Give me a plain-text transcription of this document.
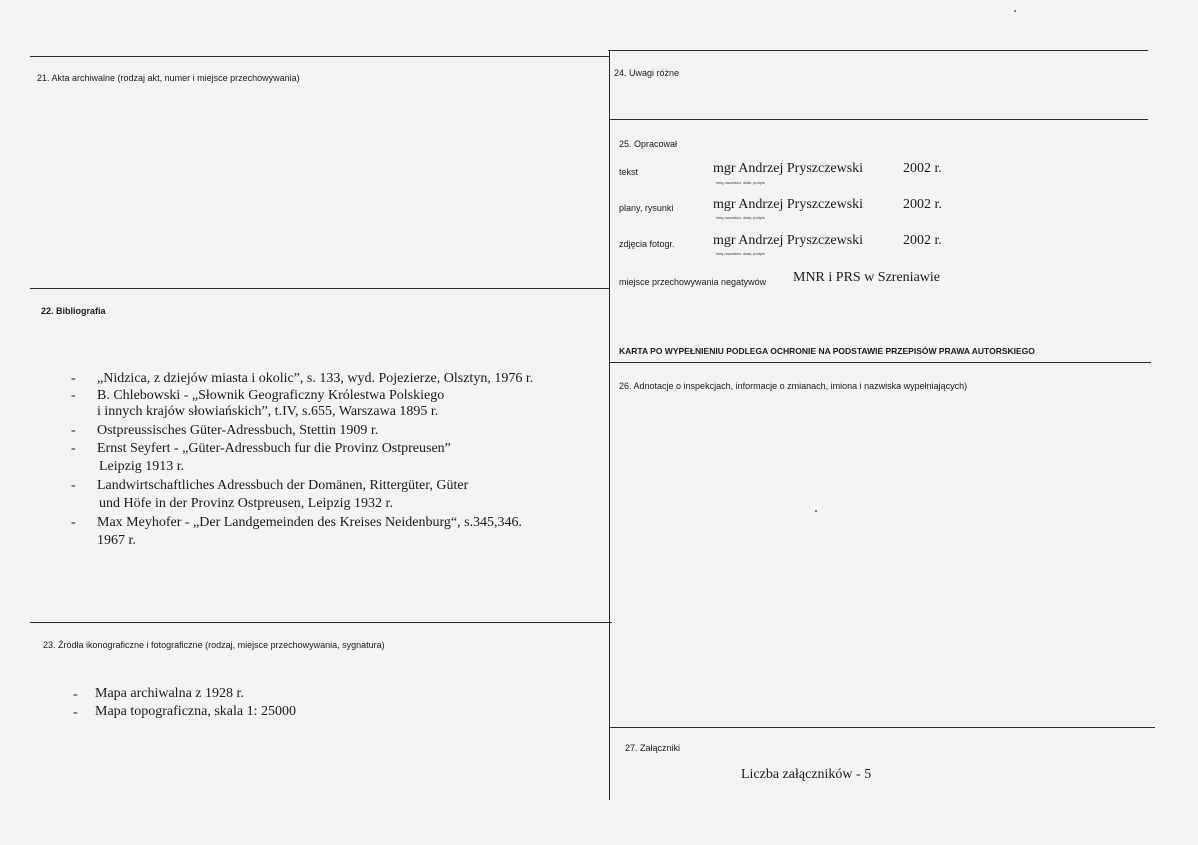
21. Akta archiwalne (rodzaj akt, numer i miejsce przechowywania)
22. Bibliografia
- „Nidzica, z dziejów miasta i okolic”, s. 133, wyd. Pojezierze, Olsztyn, 1976 r.
- B. Chlebowski - „Słownik Geograficzny Królestwa Polskiego
i innych krajów słowiańskich”, t.IV, s.655, Warszawa 1895 r.
- Ostpreussisches Güter-Adressbuch, Stettin 1909 r.
- Ernst Seyfert - „Güter-Adressbuch fur die Provinz Ostpreusen”
Leipzig 1913 r.
- Landwirtschaftliches Adressbuch der Domänen, Rittergüter, Güter
und Höfe in der Provinz Ostpreusen, Leipzig 1932 r.
- Max Meyhofer - „Der Landgemeinden des Kreises Neidenburg“, s.345,346.
1967 r.
23. Źródła ikonograficzne i fotograficzne (rodzaj, miejsce przechowywania, sygnatura)
- Mapa archiwalna z 1928 r.
- Mapa topograficzna, skala 1: 25000
24. Uwagi różne
25. Opracował
tekst	mgr Andrzej Pryszczewski	2002 r.
imię,nazwisko, data, podpis
plany, rysunki	mgr Andrzej Pryszczewski	2002 r.
imię,nazwisko, data, podpis
zdjęcia fotogr.	mgr Andrzej Pryszczewski	2002 r.
imię,nazwisko, data, podpis
miejsce przechowywania negatywów MNR i PRS w Szreniawie
KARTA PO WYPEŁNIENIU PODLEGA OCHRONIE NA PODSTAWIE PRZEPISÓW PRAWA AUTORSKIEGO
26. Adnotacje o inspekcjach, informacje o zmianach, imiona i nazwiska wypełniających)
27. Załączniki
Liczba załączników - 5
